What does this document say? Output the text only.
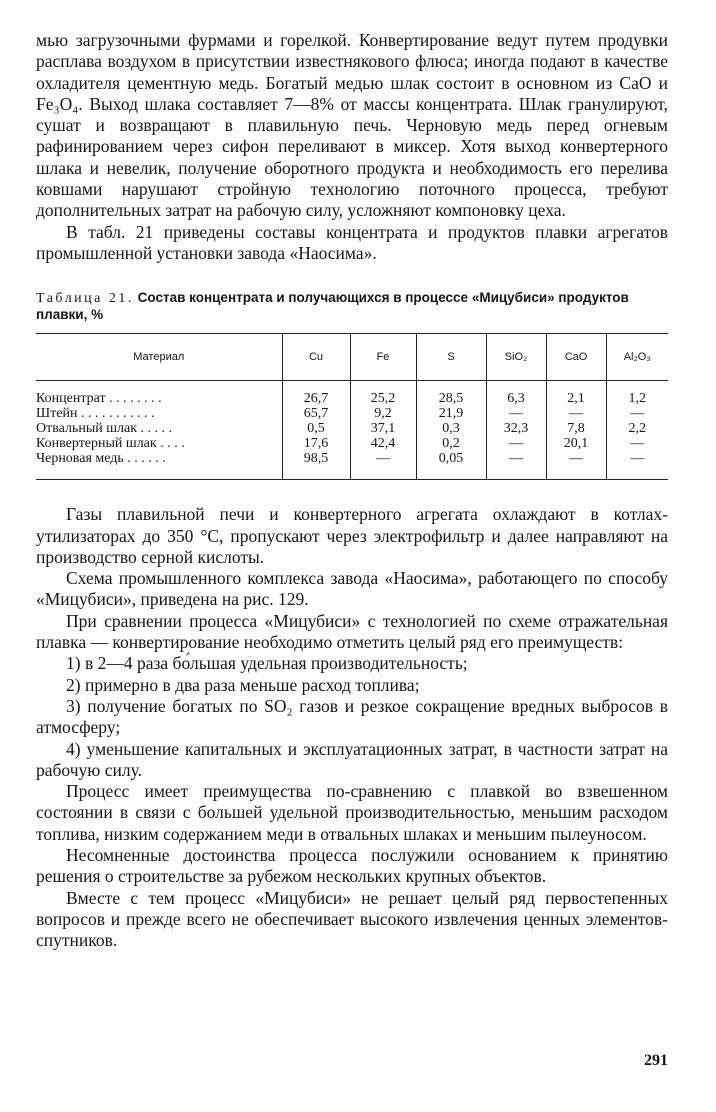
мью загрузочными фурмами и горелкой. Конвертирование ведут путем продувки расплава воздухом в присутствии известнякового флюса; иногда подают в качестве охладителя цементную медь. Богатый медью шлак состоит в основном из CaO и Fe₃O₄. Выход шлака составляет 7—8% от массы концентрата. Шлак гранулируют, сушат и возвращают в плавильную печь. Черновую медь перед огневым рафинированием через сифон переливают в миксер. Хотя выход конвертерного шлака и невелик, получение оборотного продукта и необходимость его перелива ковшами нарушают стройную технологию поточного процесса, требуют дополнительных затрат на рабочую силу, усложняют компоновку цеха.

В табл. 21 приведены составы концентрата и продуктов плавки агрегатов промышленной установки завода «Наосима».

Таблица 21. Состав концентрата и получающихся в процессе «Мицубиси» продуктов плавки, %
Материал	Cu	Fe	S	SiO₂	CaO	Al₂O₃
Концентрат . . . . . . . .	26,7	25,2	28,5	6,3	2,1	1,2
Штейн . . . . . . . . . . .	65,7	9,2	21,9	—	—	—
Отвальный шлак . . . . .	0,5	37,1	0,3	32,3	7,8	2,2
Конвертерный шлак . . . .	17,6	42,4	0,2	—	20,1	—
Черновая медь . . . . . .	98,5	—	0,05	—	—	—

Газы плавильной печи и конвертерного агрегата охлаждают в котлах-утилизаторах до 350 °С, пропускают через электрофильтр и далее направляют на производство серной кислоты.

Схема промышленного комплекса завода «Наосима», работающего по способу «Мицубиси», приведена на рис. 129.

При сравнении процесса «Мицубиси» с технологией по схеме отражательная плавка — конвертирование необходимо отметить целый ряд его преимуществ:

1) в 2—4 раза бо́льшая удельная производительность;

2) примерно в два раза меньше расход топлива;

3) получение богатых по SO₂ газов и резкое сокращение вредных выбросов в атмосферу;

4) уменьшение капитальных и эксплуатационных затрат, в частности затрат на рабочую силу.

Процесс имеет преимущества по-сравнению с плавкой во взвешенном состоянии в связи с большей удельной производительностью, меньшим расходом топлива, низким содержанием меди в отвальных шлаках и меньшим пылеуносом.

Несомненные достоинства процесса послужили основанием к принятию решения о строительстве за рубежом нескольких крупных объектов.

Вместе с тем процесс «Мицубиси» не решает целый ряд первостепенных вопросов и прежде всего не обеспечивает высокого извлечения ценных элементов-спутников.

291
